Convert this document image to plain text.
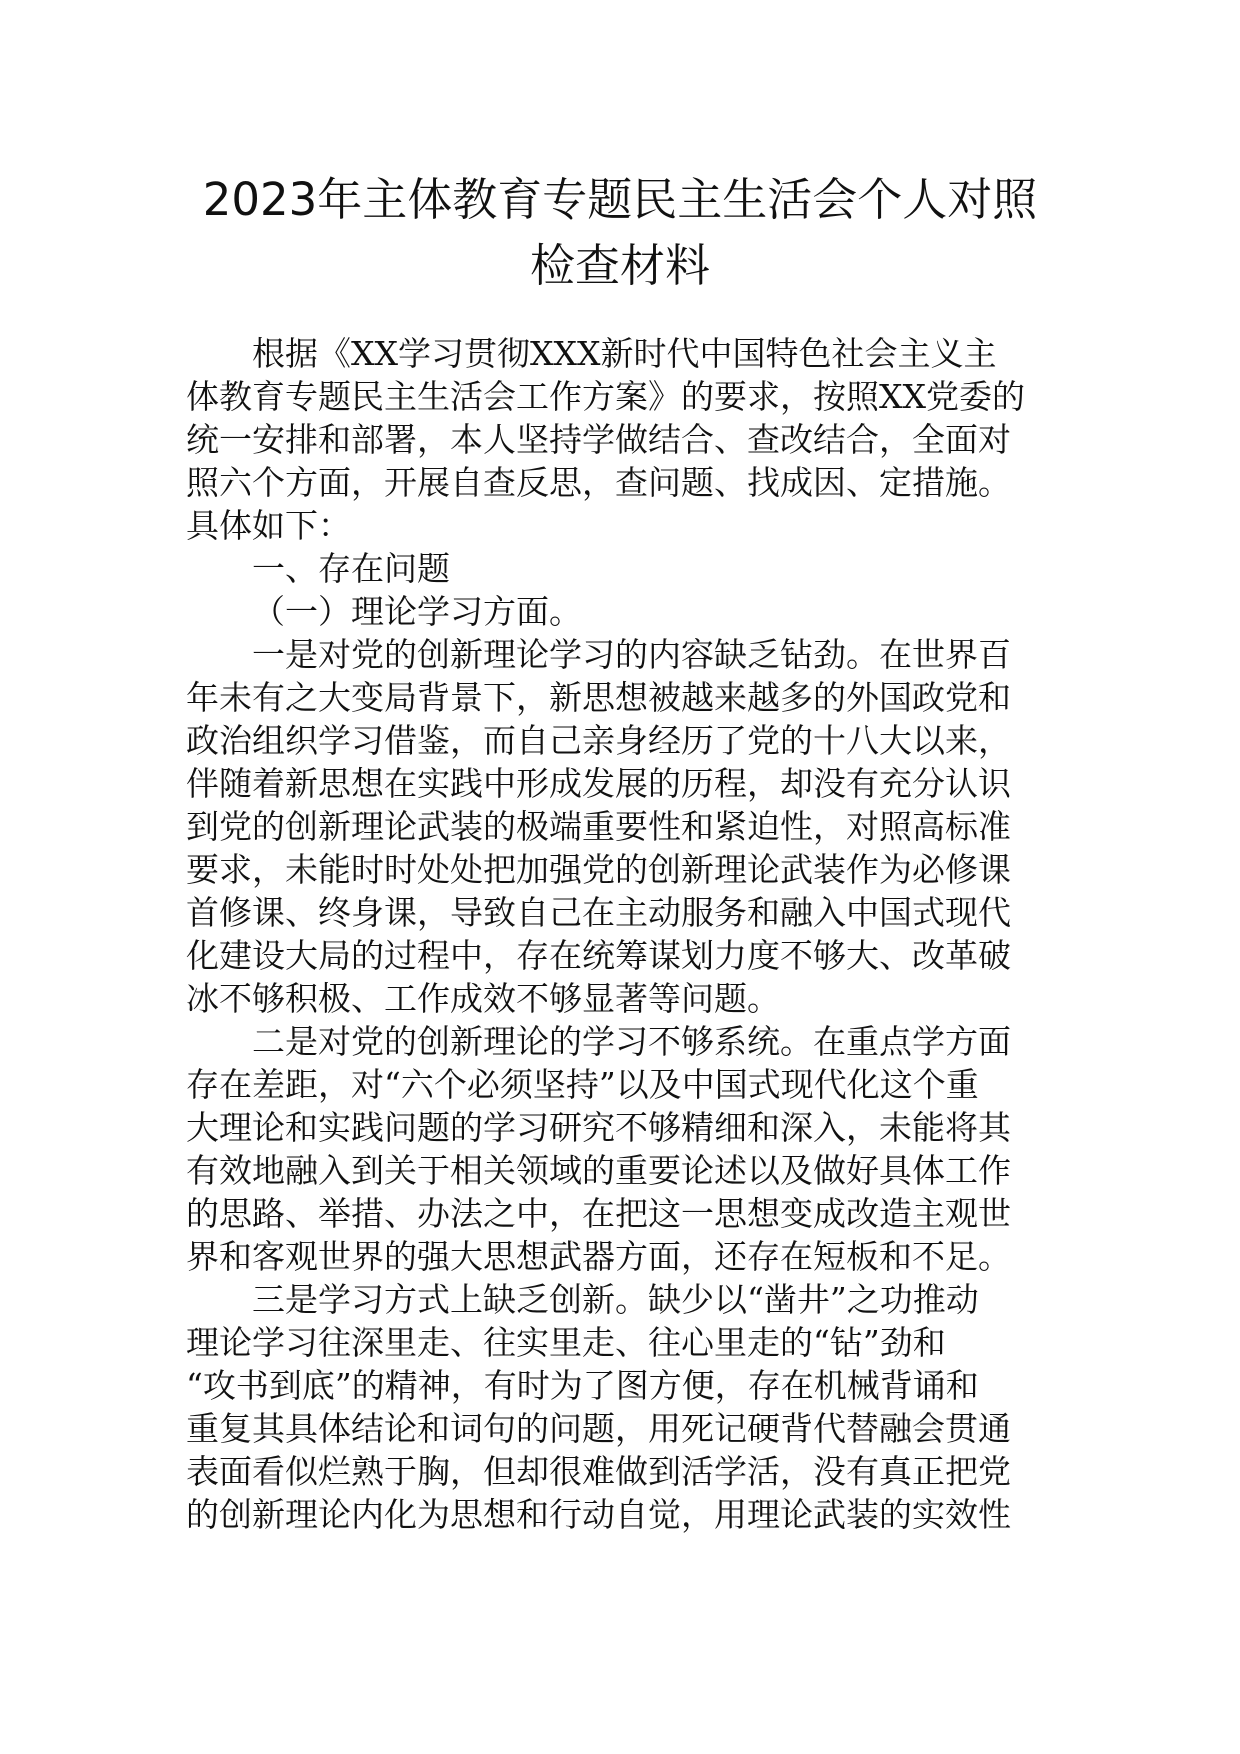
2023年主体教育专题民主生活会个人对照
检查材料
根据《XX学习贯彻XXX新时代中国特色社会主义主
体教育专题民主生活会工作方案》的要求，按照XX党委的
统一安排和部署，本人坚持学做结合、查改结合，全面对
照六个方面，开展自查反思，查问题、找成因、定措施。
具体如下：
一、存在问题
（一）理论学习方面。
一是对党的创新理论学习的内容缺乏钻劲。在世界百
年未有之大变局背景下，新思想被越来越多的外国政党和
政治组织学习借鉴，而自己亲身经历了党的十八大以来，
伴随着新思想在实践中形成发展的历程，却没有充分认识
到党的创新理论武装的极端重要性和紧迫性，对照高标准
要求，未能时时处处把加强党的创新理论武装作为必修课
首修课、终身课，导致自己在主动服务和融入中国式现代
化建设大局的过程中，存在统筹谋划力度不够大、改革破
冰不够积极、工作成效不够显著等问题。
二是对党的创新理论的学习不够系统。在重点学方面
存在差距，对“六个必须坚持”以及中国式现代化这个重
大理论和实践问题的学习研究不够精细和深入，未能将其
有效地融入到关于相关领域的重要论述以及做好具体工作
的思路、举措、办法之中，在把这一思想变成改造主观世
界和客观世界的强大思想武器方面，还存在短板和不足。
三是学习方式上缺乏创新。缺少以“凿井”之功推动
理论学习往深里走、往实里走、往心里走的“钻”劲和
“攻书到底”的精神，有时为了图方便，存在机械背诵和
重复其具体结论和词句的问题，用死记硬背代替融会贯通
表面看似烂熟于胸，但却很难做到活学活，没有真正把党
的创新理论内化为思想和行动自觉，用理论武装的实效性
